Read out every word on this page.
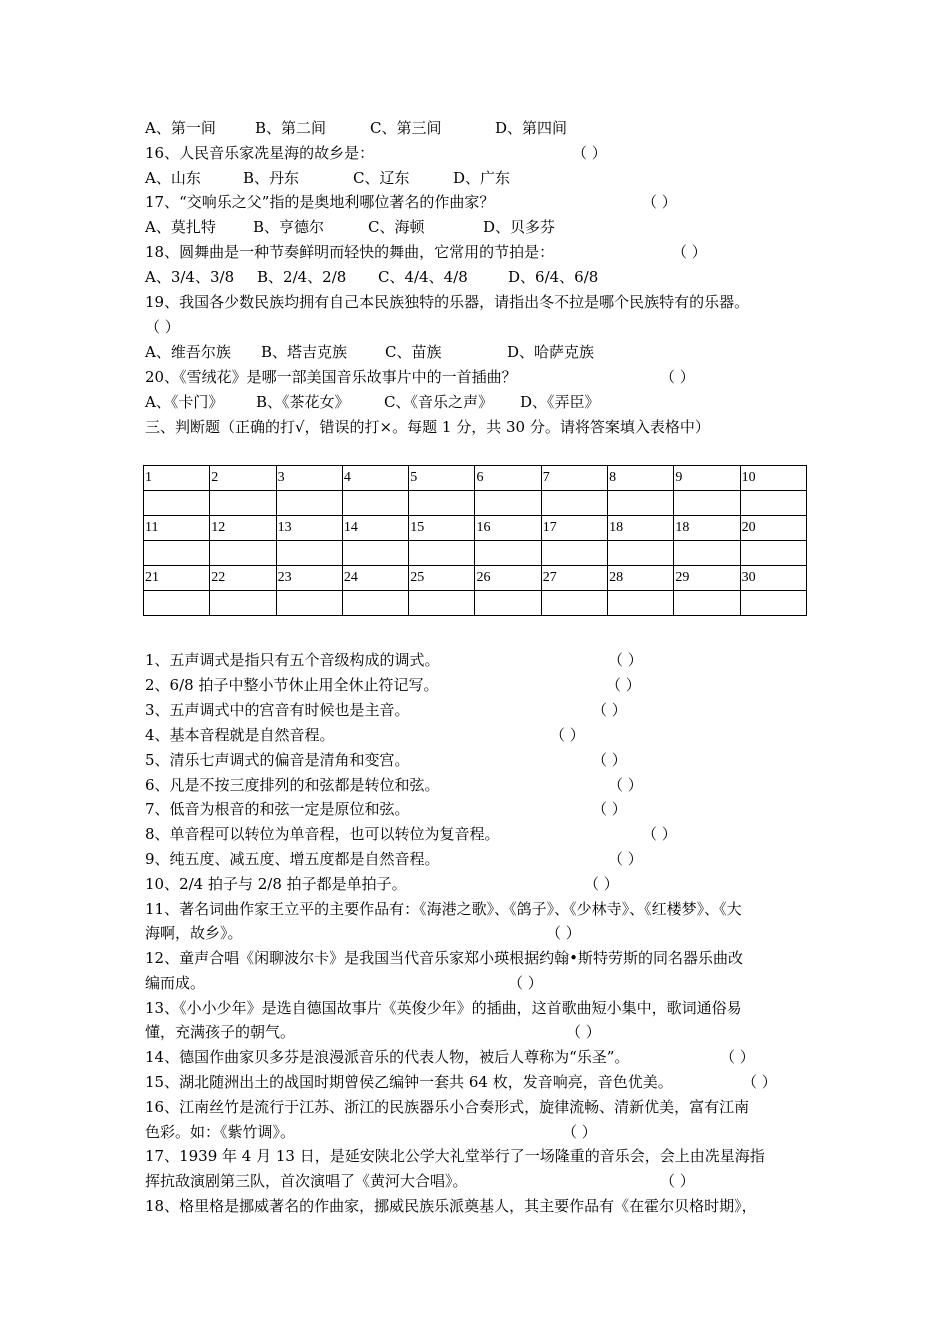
A、第一间	B、第二间	C、第三间	D、第四间
16、人民音乐家冼星海的故乡是：	（ ）
A、山东	B、丹东	C、辽东	D、广东
17、“交响乐之父”指的是奥地利哪位著名的作曲家？	（ ）
A、莫扎特 B、亨德尔	C、海顿	D、贝多芬
18、圆舞曲是一种节奏鲜明而轻快的舞曲，它常用的节拍是：	（ ）
A、3/4、3/8 B、2/4、2/8 C、4/4、4/8	D、6/4、6/8
19、我国各少数民族均拥有自己本民族独特的乐器，请指出冬不拉是哪个民族特有的乐器。
（ ）
A、维吾尔族 B、塔吉克族	C、苗族	D、哈萨克族
20、《雪绒花》是哪一部美国音乐故事片中的一首插曲？	（ ）
A、《卡门》 B、《茶花女》 C、《音乐之声》 D、《弄臣》
三、判断题（正确的打√，错误的打×。每题 1 分，共 30 分。请将答案填入表格中）
1	2	3	4	5	6	7	8	9	10

11	12	13	14	15	16	17	18	18	20

21	22	23	24	25	26	27	28	29	30

1、五声调式是指只有五个音级构成的调式。	（ ）
2、6/8 拍子中整小节休止用全休止符记写。	（ ）
3、五声调式中的宫音有时候也是主音。	（ ）
4、基本音程就是自然音程。	（ ）
5、清乐七声调式的偏音是清角和变宫。	（ ）
6、凡是不按三度排列的和弦都是转位和弦。	（ ）
7、低音为根音的和弦一定是原位和弦。	（ ）
8、单音程可以转位为单音程，也可以转位为复音程。	（ ）
9、纯五度、减五度、增五度都是自然音程。	（ ）
10、2/4 拍子与 2/8 拍子都是单拍子。	（ ）
11、著名词曲作家王立平的主要作品有：《海港之歌》、《鸽子》、《少林寺》、《红楼梦》、《大
海啊，故乡》。	（ ）
12、童声合唱《闲聊波尔卡》是我国当代音乐家郑小瑛根据约翰•斯特劳斯的同名器乐曲改
编而成。	（ ）
13、《小小少年》是选自德国故事片《英俊少年》的插曲，这首歌曲短小集中，歌词通俗易
懂，充满孩子的朝气。	（ ）
14、德国作曲家贝多芬是浪漫派音乐的代表人物，被后人尊称为“乐圣”。	（ ）
15、湖北随洲出土的战国时期曾侯乙编钟一套共 64 枚，发音响亮，音色优美。	（ ）
16、江南丝竹是流行于江苏、浙江的民族器乐小合奏形式，旋律流畅、清新优美，富有江南
色彩。如：《紫竹调》。	（ ）
17、1939 年 4 月 13 日，是延安陕北公学大礼堂举行了一场隆重的音乐会，会上由冼星海指
挥抗敌演剧第三队，首次演唱了《黄河大合唱》。	（ ）
18、格里格是挪威著名的作曲家，挪威民族乐派奠基人，其主要作品有《在霍尔贝格时期》，
